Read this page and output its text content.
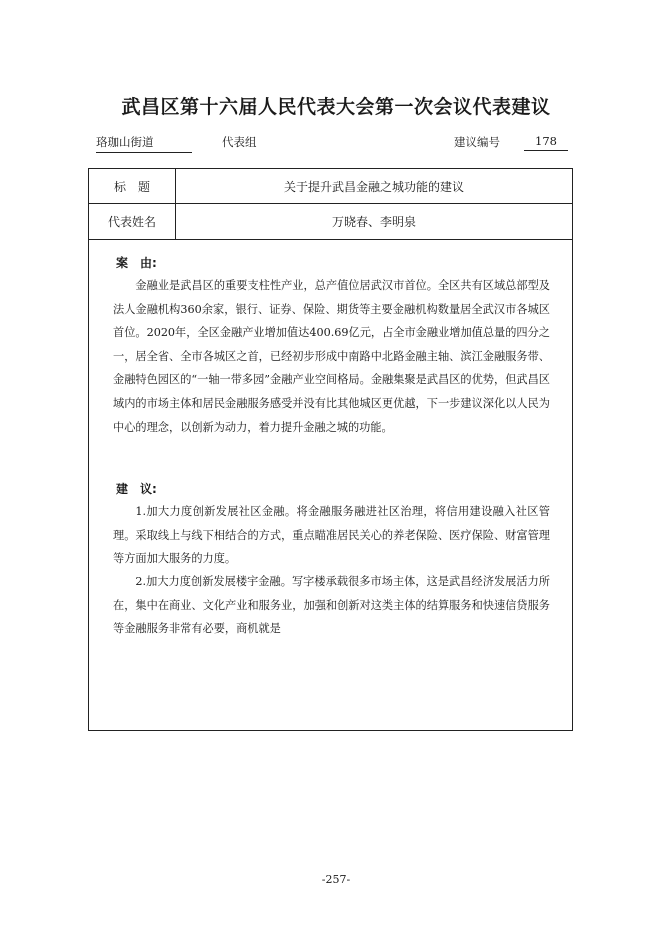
武昌区第十六届人民代表大会第一次会议代表建议
珞珈山街道	代表组	建议编号	178
标　题	关于提升武昌金融之城功能的建议
代表姓名	万晓春、李明泉
案　由:
金融业是武昌区的重要支柱性产业，总产值位居武汉市首位。全区共有区域总部型及法人金融机构360余家，银行、证券、保险、期货等主要金融机构数量居全武汉市各城区首位。2020年，全区金融产业增加值达400.69亿元，占全市金融业增加值总量的四分之一，居全省、全市各城区之首，已经初步形成中南路中北路金融主轴、滨江金融服务带、金融特色园区的“一轴一带多园”金融产业空间格局。金融集聚是武昌区的优势，但武昌区域内的市场主体和居民金融服务感受并没有比其他城区更优越，下一步建议深化以人民为中心的理念，以创新为动力，着力提升金融之城的功能。
建　议:
1.加大力度创新发展社区金融。将金融服务融进社区治理，将信用建设融入社区管理。采取线上与线下相结合的方式，重点瞄准居民关心的养老保险、医疗保险、财富管理等方面加大服务的力度。
2.加大力度创新发展楼宇金融。写字楼承载很多市场主体，这是武昌经济发展活力所在，集中在商业、文化产业和服务业，加强和创新对这类主体的结算服务和快速信贷服务等金融服务非常有必要，商机就是
-257-
